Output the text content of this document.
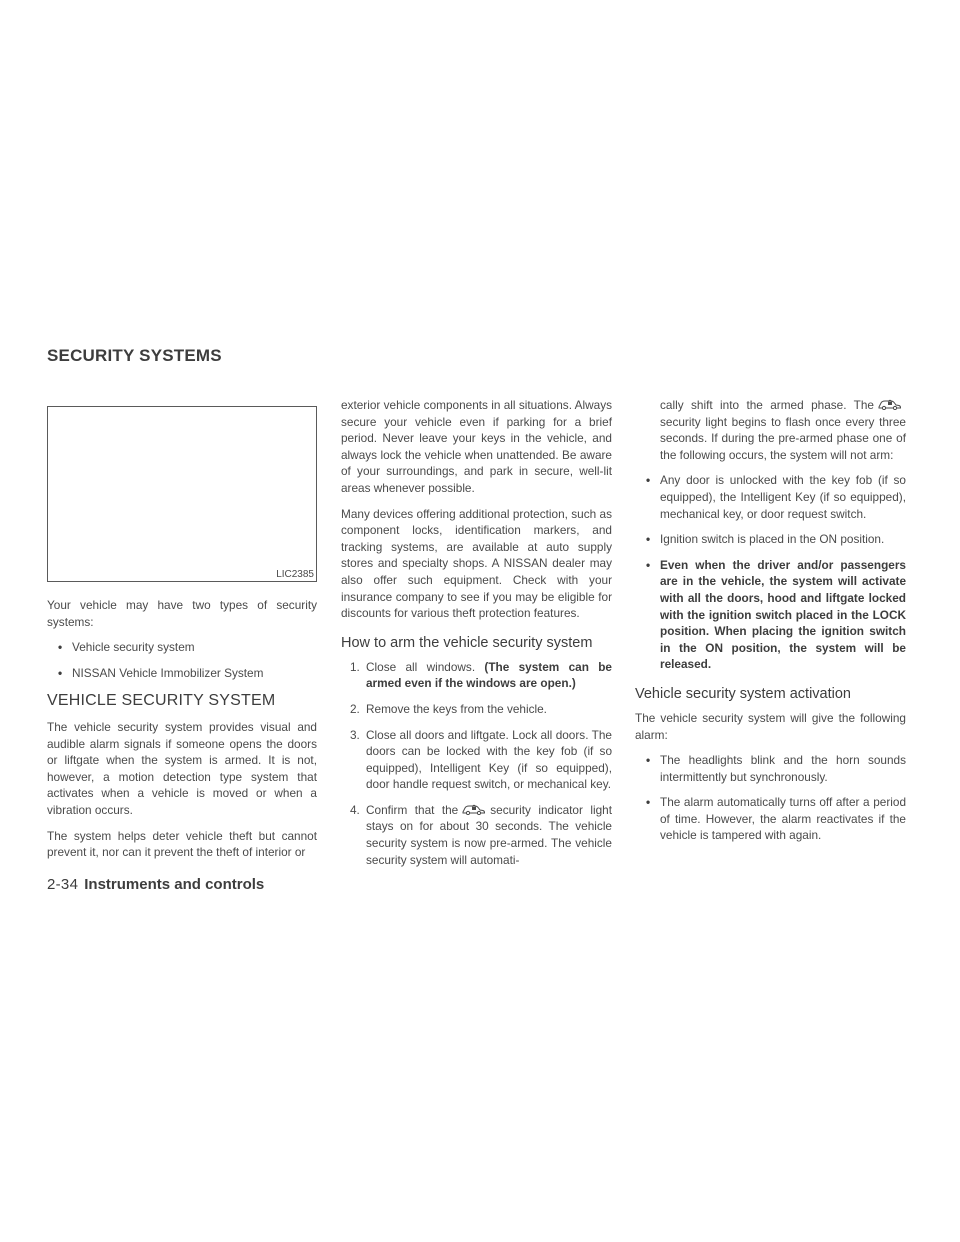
SECURITY SYSTEMS
LIC2385

Your vehicle may have two types of security systems:

• Vehicle security system
• NISSAN Vehicle Immobilizer System
VEHICLE SECURITY SYSTEM

The vehicle security system provides visual and audible alarm signals if someone opens the doors or liftgate when the system is armed. It is not, however, a motion detection type system that activates when a vehicle is moved or when a vibration occurs.

The system helps deter vehicle theft but cannot prevent it, nor can it prevent the theft of interior or

exterior vehicle components in all situations. Always secure your vehicle even if parking for a brief period. Never leave your keys in the vehicle, and always lock the vehicle when unattended. Be aware of your surroundings, and park in secure, well-lit areas whenever possible.

Many devices offering additional protection, such as component locks, identification markers, and tracking systems, are available at auto supply stores and specialty shops. A NISSAN dealer may also offer such equipment. Check with your insurance company to see if you may be eligible for discounts for various theft protection features.

How to arm the vehicle security system
1. Close all windows. (The system can be armed even if the windows are open.)
2. Remove the keys from the vehicle.
3. Close all doors and liftgate. Lock all doors. The doors can be locked with the key fob (if so equipped), Intelligent Key (if so equipped), door handle request switch, or mechanical key.
4. Confirm that the	security indicator light stays on for about 30 seconds. The vehicle security system is now pre-armed. The vehicle security system will automati-
cally shift into the armed phase. Thesecurity light begins to flash once every three seconds. If during the pre-armed phase one of the following occurs, the system will not arm:
• Any door is unlocked with the key fob (if so equipped), the Intelligent Key (if so equipped), mechanical key, or door request switch.
• Ignition switch is placed in the ON position.
• Even when the driver and/or passengers are in the vehicle, the system will activate with all the doors, hood and liftgate locked with the ignition switch placed in the LOCK position. When placing the ignition switch in the ON position, the system will be released.
Vehicle security system activation

The vehicle security system will give the following alarm:

• The headlights blink and the horn sounds intermittently but synchronously.
• The alarm automatically turns off after a period of time. However, the alarm reactivates if the vehicle is tampered with again.
2-34 Instruments and controls
